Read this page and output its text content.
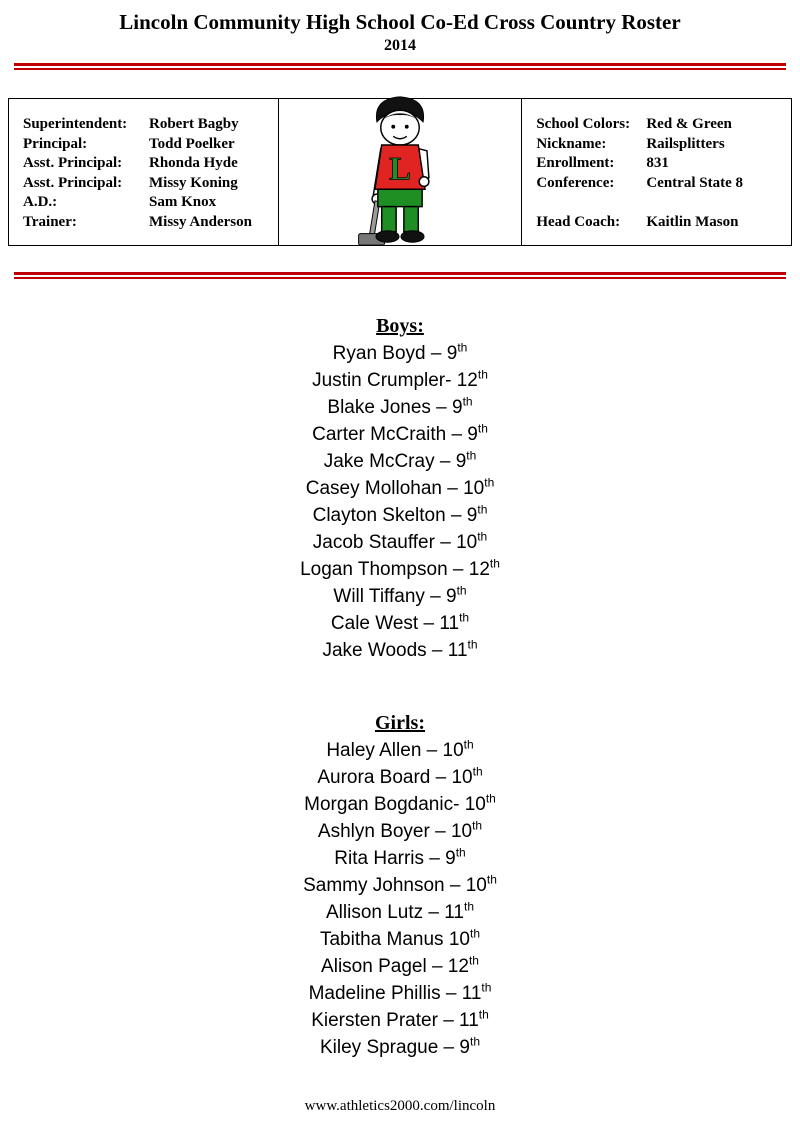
Lincoln Community High School Co-Ed Cross Country Roster
2014
Superintendent:	Robert Bagby
Principal:	Todd Poelker
Asst. Principal:	Rhonda Hyde
Asst. Principal:	Missy Koning
A.D.:	Sam Knox
Trainer:	Missy Anderson
L
School Colors:	Red & Green
Nickname:	Railsplitters
Enrollment:	831
Conference:	Central State 8
Head Coach:	Kaitlin Mason
Boys:
Ryan Boyd – 9th
Justin Crumpler- 12th
Blake Jones – 9th
Carter McCraith – 9th
Jake McCray – 9th
Casey Mollohan – 10th
Clayton Skelton – 9th
Jacob Stauffer – 10th
Logan Thompson – 12th
Will Tiffany – 9th
Cale West – 11th
Jake Woods – 11th
Girls:
Haley Allen – 10th
Aurora Board – 10th
Morgan Bogdanic- 10th
Ashlyn Boyer – 10th
Rita Harris – 9th
Sammy Johnson – 10th
Allison Lutz – 11th
Tabitha Manus 10th
Alison Pagel – 12th
Madeline Phillis – 11th
Kiersten Prater – 11th
Kiley Sprague – 9th
www.athletics2000.com/lincoln
